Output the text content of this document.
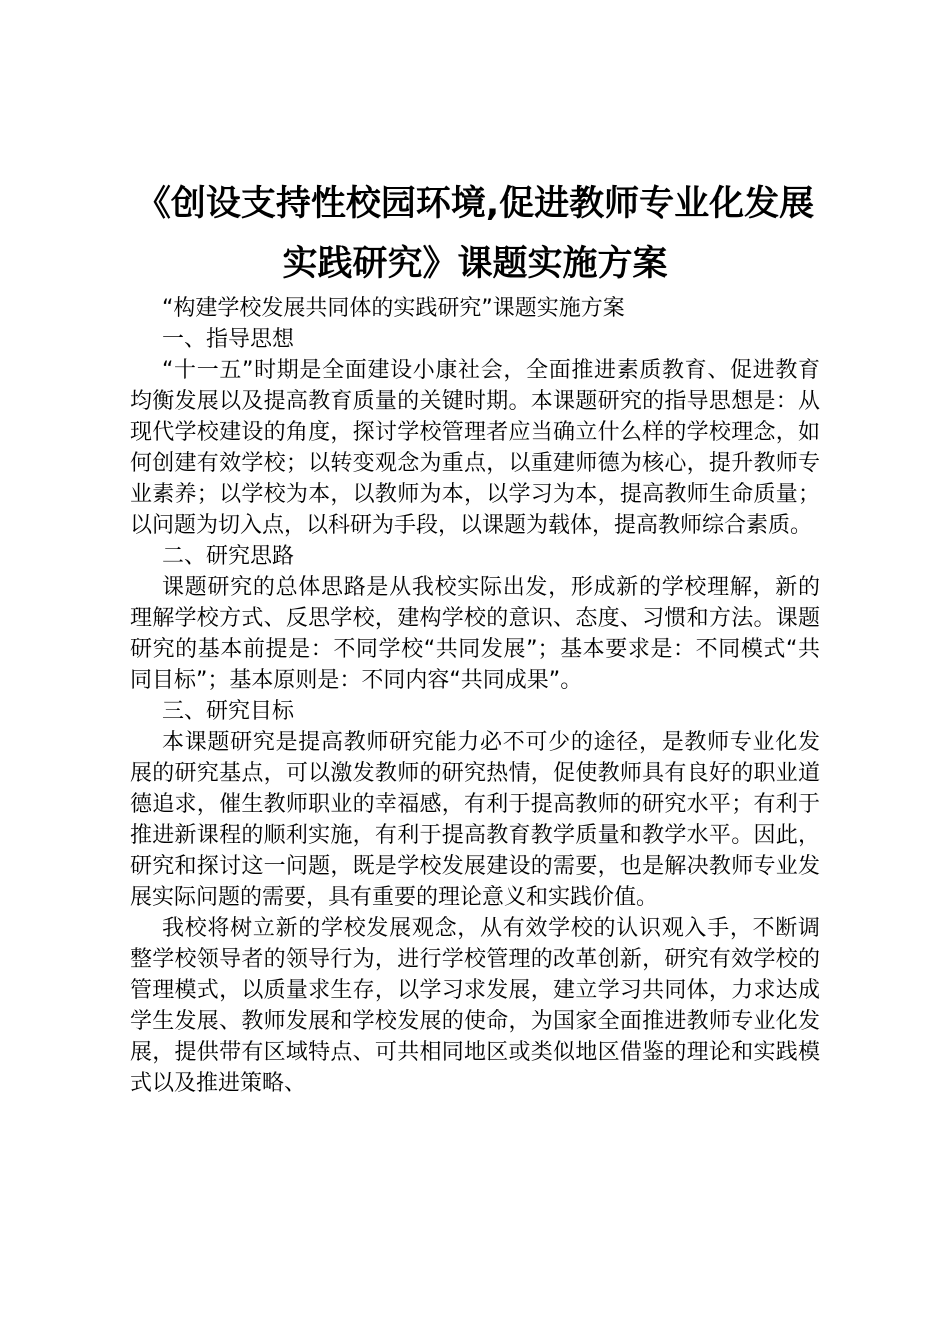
《创设支持性校园环境,促进教师专业化发展
实践研究》课题实施方案

“构建学校发展共同体的实践研究”课题实施方案

一、指导思想

“十一五”时期是全面建设小康社会，全面推进素质教育、促进教育均衡发展以及提高教育质量的关键时期。本课题研究的指导思想是：从现代学校建设的角度，探讨学校管理者应当确立什么样的学校理念，如何创建有效学校；以转变观念为重点，以重建师德为核心，提升教师专业素养；以学校为本，以教师为本，以学习为本，提高教师生命质量；以问题为切入点，以科研为手段，以课题为载体，提高教师综合素质。

二、研究思路

课题研究的总体思路是从我校实际出发，形成新的学校理解，新的理解学校方式、反思学校，建构学校的意识、态度、习惯和方法。课题研究的基本前提是：不同学校“共同发展”；基本要求是：不同模式“共同目标”；基本原则是：不同内容“共同成果”。

三、研究目标

本课题研究是提高教师研究能力必不可少的途径，是教师专业化发展的研究基点，可以激发教师的研究热情，促使教师具有良好的职业道德追求，催生教师职业的幸福感，有利于提高教师的研究水平；有利于推进新课程的顺利实施，有利于提高教育教学质量和教学水平。因此，研究和探讨这一问题，既是学校发展建设的需要，也是解决教师专业发展实际问题的需要，具有重要的理论意义和实践价值。

我校将树立新的学校发展观念，从有效学校的认识观入手，不断调整学校领导者的领导行为，进行学校管理的改革创新，研究有效学校的管理模式，以质量求生存，以学习求发展，建立学习共同体，力求达成学生发展、教师发展和学校发展的使命，为国家全面推进教师专业化发展，提供带有区域特点、可共相同地区或类似地区借鉴的理论和实践模式以及推进策略、
